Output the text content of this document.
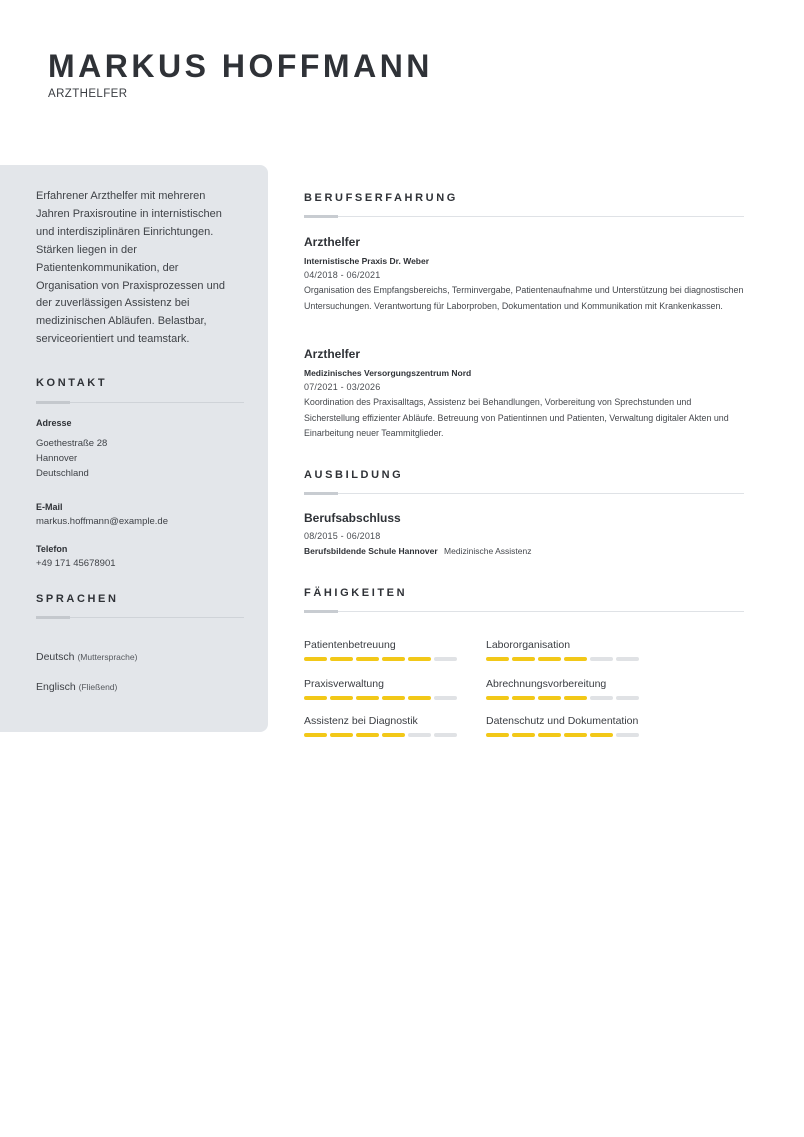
MARKUS HOFFMANN
ARZTHELFER
Erfahrener Arzthelfer mit mehreren Jahren Praxisroutine in internistischen und interdisziplinären Einrichtungen. Stärken liegen in der Patientenkommunikation, der Organisation von Praxisprozessen und der zuverlässigen Assistenz bei medizinischen Abläufen. Belastbar, serviceorientiert und teamstark.
KONTAKT
Adresse
Goethestraße 28
Hannover
Deutschland
E-Mail
markus.hoffmann@example.de
Telefon
+49 171 45678901
SPRACHEN
Deutsch (Muttersprache)
Englisch (Fließend)
BERUFSERFAHRUNG
Arzthelfer
Internistische Praxis Dr. Weber
04/2018 - 06/2021
Organisation des Empfangsbereichs, Terminvergabe, Patientenaufnahme und Unterstützung bei diagnostischen Untersuchungen. Verantwortung für Laborproben, Dokumentation und Kommunikation mit Krankenkassen.
Arzthelfer
Medizinisches Versorgungszentrum Nord
07/2021 - 03/2026
Koordination des Praxisalltags, Assistenz bei Behandlungen, Vorbereitung von Sprechstunden und Sicherstellung effizienter Abläufe. Betreuung von Patientinnen und Patienten, Verwaltung digitaler Akten und Einarbeitung neuer Teammitglieder.
AUSBILDUNG
Berufsabschluss
08/2015 - 06/2018
Berufsbildende Schule Hannover Medizinische Assistenz
FÄHIGKEITEN
Patientenbetreuung	Labororganisation
Praxisverwaltung	Abrechnungsvorbereitung
Assistenz bei Diagnostik	Datenschutz und Dokumentation
